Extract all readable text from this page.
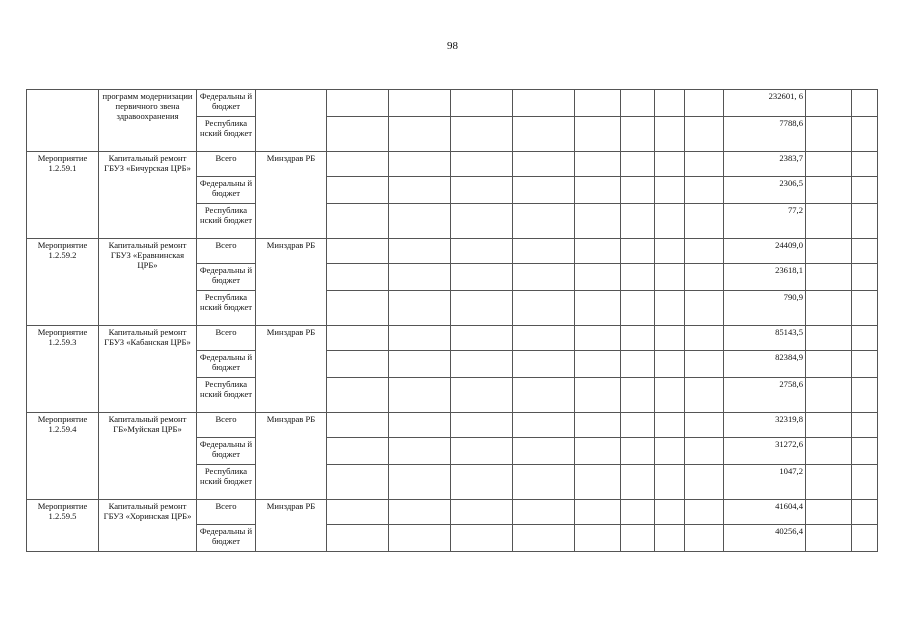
98
	программ модернизации первичного звена здравоохранения	Федеральны й бюджет										232601, 6		
		Республика нский бюджет										7788,6		
Мероприятие 1.2.59.1	Капитальный ремонт ГБУЗ «Бичурская ЦРБ»	Всего	Минздрав РБ									2383,7		
		Федеральны й бюджет										2306,5		
		Республика нский бюджет										77,2		
Мероприятие 1.2.59.2	Капитальный ремонт ГБУЗ «Еравнинская ЦРБ»	Всего	Минздрав РБ									24409,0		
		Федеральны й бюджет										23618,1		
		Республика нский бюджет										790,9		
Мероприятие 1.2.59.3	Капитальный ремонт ГБУЗ «Кабанская ЦРБ»	Всего	Минздрав РБ									85143,5		
		Федеральны й бюджет										82384,9		
		Республика нский бюджет										2758,6		
Мероприятие 1.2.59.4	Капитальный ремонт ГБ»Муйская ЦРБ»	Всего	Минздрав РБ									32319,8		
		Федеральны й бюджет										31272,6		
		Республика нский бюджет										1047,2		
Мероприятие 1.2.59.5	Капитальный ремонт ГБУЗ «Хоринская ЦРБ»	Всего	Минздрав РБ									41604,4		
		Федеральны й бюджет										40256,4		
